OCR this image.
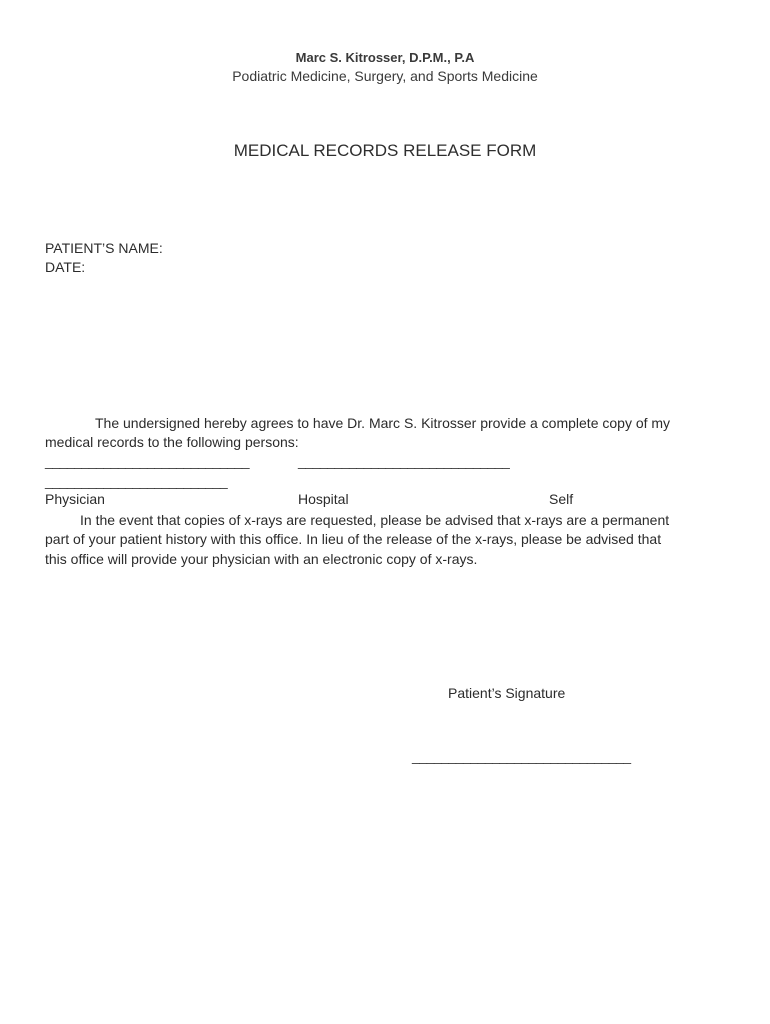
Marc S. Kitrosser, D.P.M., P.A
Podiatric Medicine, Surgery, and Sports Medicine
MEDICAL RECORDS RELEASE FORM
PATIENT’S NAME:
DATE:
The undersigned hereby agrees to have Dr. Marc S. Kitrosser provide a complete copy of my
medical records to the following persons:
____________________________	_____________________________
_________________________
Physician	Hospital	Self
In the event that copies of x-rays are requested, please be advised that x-rays are a permanent
part of your patient history with this office. In lieu of the release of the x-rays, please be advised that
this office will provide your physician with an electronic copy of x-rays.
Patient’s Signature
______________________________
